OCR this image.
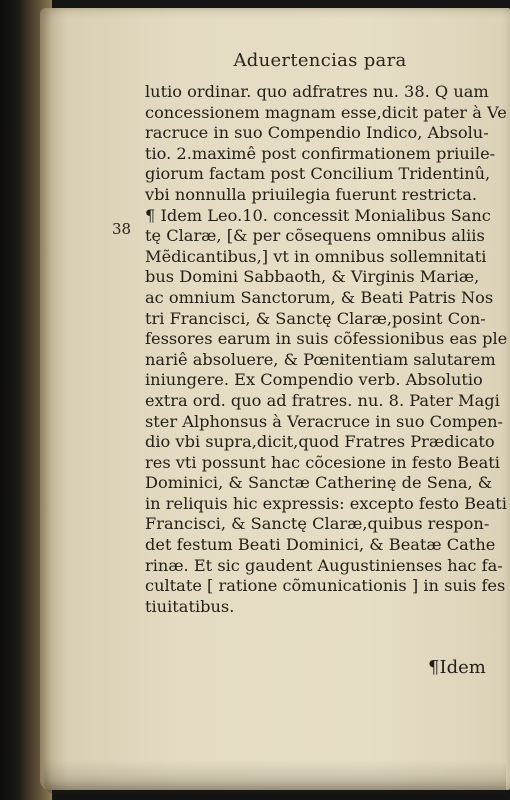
Aduertencias para
38
lutio ordinar. quo adfratres nu. 38. Q uam
concessionem magnam esse,dicit pater à Ve
racruce in suo Compendio Indico, Absolu-
tio. 2.maximê post confirmationem priuile-
giorum factam post Concilium Tridentinû,
vbi nonnulla priuilegia fuerunt restricta.
¶ Idem Leo.10. concessit Monialibus Sanc
tę Claræ, [& per cõsequens omnibus aliis
Mẽdicantibus,] vt in omnibus sollemnitati
bus Domini Sabbaoth, & Virginis Mariæ,
ac omnium Sanctorum, & Beati Patris Nos
tri Francisci, & Sanctę Claræ,posint Con-
fessores earum in suis cõfessionibus eas ple
nariê absoluere, & Pœnitentiam salutarem
iniungere. Ex Compendio verb. Absolutio
extra ord. quo ad fratres. nu. 8. Pater Magi
ster Alphonsus à Veracruce in suo Compen-
dio vbi supra,dicit,quod Fratres Prædicato
res vti possunt hac cõcesione in festo Beati
Dominici, & Sanctæ Catherinę de Sena, &
in reliquis hic expressis: excepto festo Beati
Francisci, & Sanctę Claræ,quibus respon-
det festum Beati Dominici, & Beatæ Cathe
rinæ. Et sic gaudent Augustinienses hac fa-
cultate [ ratione cõmunicationis ] in suis fes
tiuitatibus.
¶Idem
